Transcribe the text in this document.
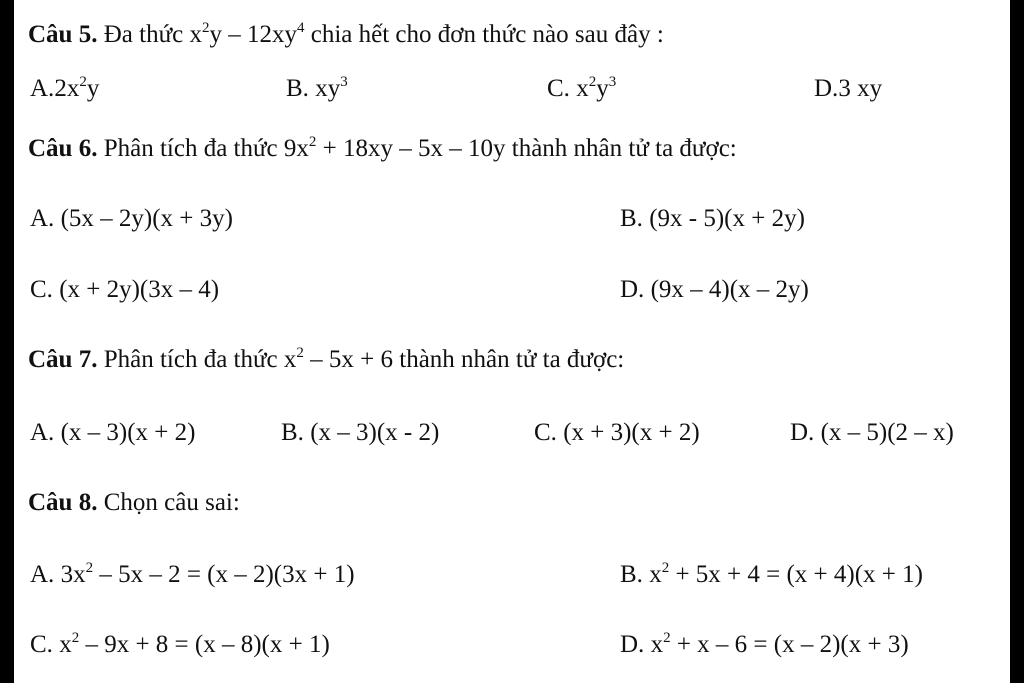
Câu 5. Đa thức $x^2y - 12xy^4$ chia hết cho đơn thức nào sau đây :
$A.2x^2y$	B. $xy^3$	C. $x^2y^3$	D.3 xy
Câu 6. Phân tích đa thức $9x^2 + 18xy - 5x - 10y$ thành nhân tử ta được:
A. (5x – 2y)(x + 3y)	B. (9x - 5)(x + 2y)
C. (x + 2y)(3x – 4)	D. (9x – 4)(x – 2y)
Câu 7. Phân tích đa thức $x^2 - 5x + 6$ thành nhân tử ta được:
A. (x – 3)(x + 2)	B. (x – 3)(x - 2)	C. (x + 3)(x + 2)	D. (x – 5)(2 – x)
Câu 8. Chọn câu sai:
A. $3x^2 - 5x - 2 = (x - 2)(3x + 1)$	B. $x^2 + 5x + 4 = (x + 4)(x + 1)$
C. $x^2 - 9x + 8 = (x - 8)(x + 1)$	D. $x^2 + x - 6 = (x - 2)(x + 3)$
